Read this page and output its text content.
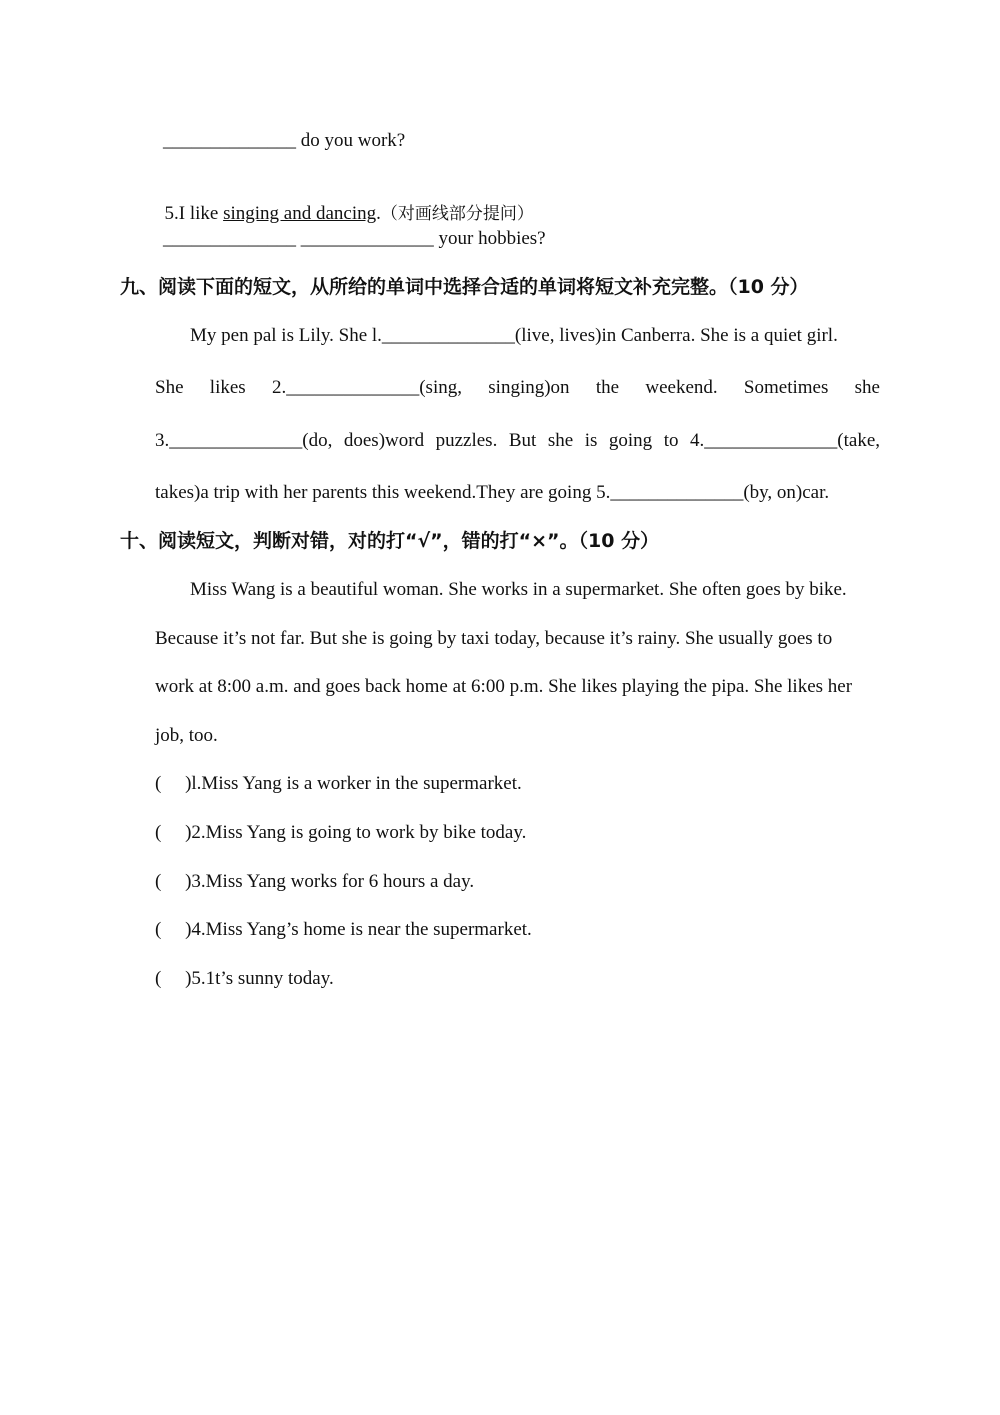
______________ do you work?

5.I like singing and dancing.（对画线部分提问）

______________ ______________ your hobbies?
九、阅读下面的短文，从所给的单词中选择合适的单词将短文补充完整。（10 分）
My pen pal is Lily. She l.______________(live, lives)in Canberra. She is a quiet girl.
She likes 2.______________(sing, singing)on the weekend. Sometimes she
3.______________(do, does)word puzzles. But she is going to 4.______________(take,
takes)a trip with her parents this weekend.They are going 5.______________(by, on)car.
十、阅读短文，判断对错，对的打“√”，错的打“×”。（10 分）
Miss Wang is a beautiful woman. She works in a supermarket. She often goes by bike.
Because it’s not far. But she is going by taxi today, because it’s rainy. She usually goes to
work at 8:00 a.m. and goes back home at 6:00 p.m. She likes playing the pipa. She likes her
job, too.
(     )l.Miss Yang is a worker in the supermarket.
(     )2.Miss Yang is going to work by bike today.
(     )3.Miss Yang works for 6 hours a day.
(     )4.Miss Yang’s home is near the supermarket.
(     )5.1t’s sunny today.
